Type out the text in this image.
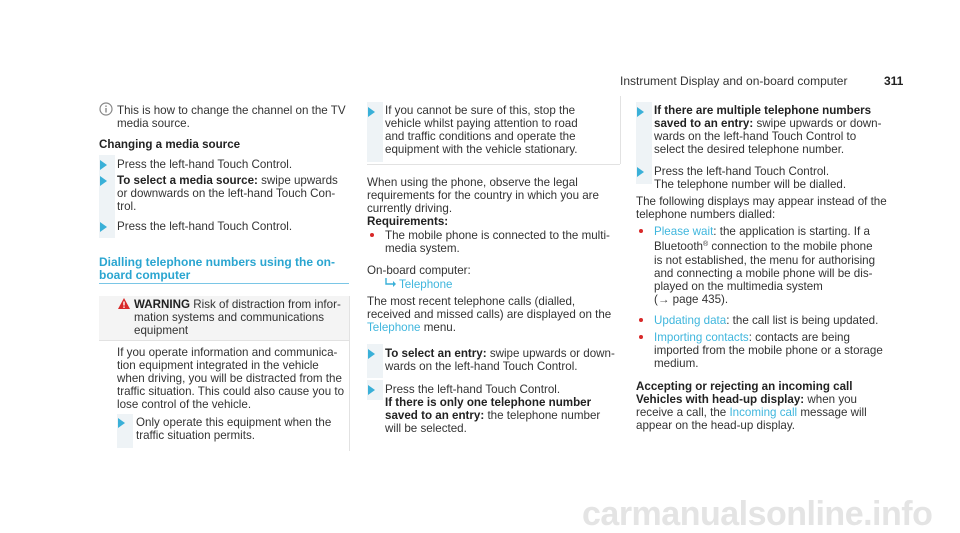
Instrument Display and on-board computer	311
This is how to change the channel on the TV
media source.
Changing a media source
Press the left-hand Touch Control.
To select a media source: swipe upwards
or downwards on the left-hand Touch Con-
trol.
Press the left-hand Touch Control.
Dialling telephone numbers using the on-
board computer
WARNING Risk of distraction from infor-
mation systems and communications
equipment
If you operate information and communica-
tion equipment integrated in the vehicle
when driving, you will be distracted from the
traffic situation. This could also cause you to
lose control of the vehicle.
Only operate this equipment when the
traffic situation permits.
If you cannot be sure of this, stop the
vehicle whilst paying attention to road
and traffic conditions and operate the
equipment with the vehicle stationary.
When using the phone, observe the legal
requirements for the country in which you are
currently driving.
Requirements:
The mobile phone is connected to the multi-
media system.
On-board computer:
Telephone
The most recent telephone calls (dialled,
received and missed calls) are displayed on the
Telephone menu.
To select an entry: swipe upwards or down-
wards on the left-hand Touch Control.
Press the left-hand Touch Control.
If there is only one telephone number
saved to an entry: the telephone number
will be selected.
If there are multiple telephone numbers
saved to an entry: swipe upwards or down-
wards on the left-hand Touch Control to
select the desired telephone number.
Press the left-hand Touch Control.
The telephone number will be dialled.
The following displays may appear instead of the
telephone numbers dialled:
Please wait: the application is starting. If a
Bluetooth® connection to the mobile phone
is not established, the menu for authorising
and connecting a mobile phone will be dis-
played on the multimedia system
(→ page 435).
Updating data: the call list is being updated.
Importing contacts: contacts are being
imported from the mobile phone or a storage
medium.
Accepting or rejecting an incoming call
Vehicles with head-up display: when you
receive a call, the Incoming call message will
appear on the head-up display.
carmanualsonline.info
